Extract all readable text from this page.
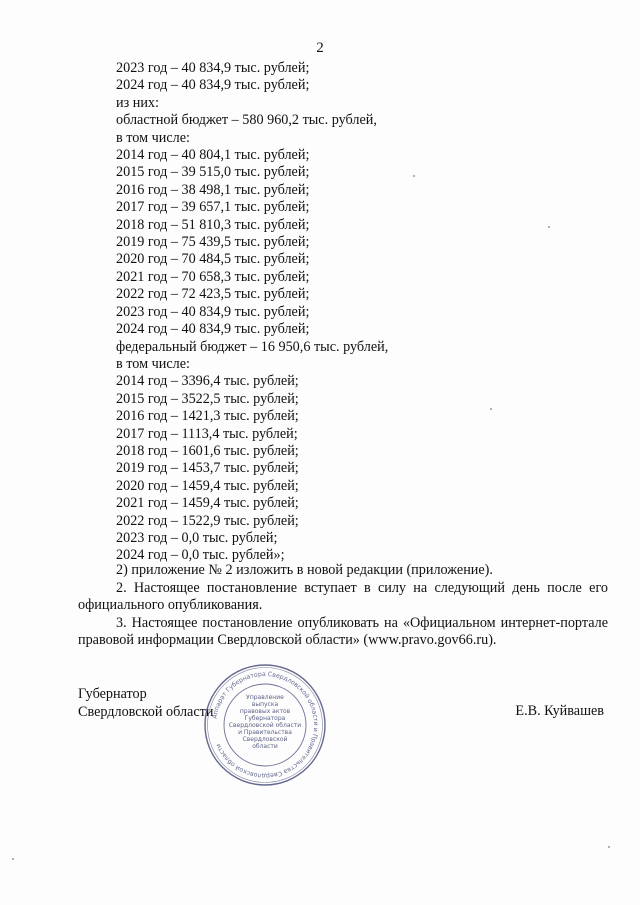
2
2023 год – 40 834,9 тыс. рублей;
2024 год – 40 834,9 тыс. рублей;
из них:
областной бюджет – 580 960,2 тыс. рублей,
в том числе:
2014 год – 40 804,1 тыс. рублей;
2015 год – 39 515,0 тыс. рублей;
2016 год – 38 498,1 тыс. рублей;
2017 год – 39 657,1 тыс. рублей;
2018 год – 51 810,3 тыс. рублей;
2019 год – 75 439,5 тыс. рублей;
2020 год – 70 484,5 тыс. рублей;
2021 год – 70 658,3 тыс. рублей;
2022 год – 72 423,5 тыс. рублей;
2023 год – 40 834,9 тыс. рублей;
2024 год – 40 834,9 тыс. рублей;
федеральный бюджет – 16 950,6 тыс. рублей,
в том числе:
2014 год – 3396,4 тыс. рублей;
2015 год – 3522,5 тыс. рублей;
2016 год – 1421,3 тыс. рублей;
2017 год – 1113,4 тыс. рублей;
2018 год – 1601,6 тыс. рублей;
2019 год – 1453,7 тыс. рублей;
2020 год – 1459,4 тыс. рублей;
2021 год – 1459,4 тыс. рублей;
2022 год – 1522,9 тыс. рублей;
2023 год – 0,0 тыс. рублей;
2024 год – 0,0 тыс. рублей»;

2) приложение № 2 изложить в новой редакции (приложение).

2. Настоящее постановление вступает в силу на следующий день после его официального опубликования.

3. Настоящее постановление опубликовать на «Официальном интернет-портале правовой информации Свердловской области» (www.pravo.gov66.ru).

Губернатор
Свердловской области	Е.В. Куйвашев
Аппарат Губернатора Свердловской области и Правительства Свердловской области
Управление
выпуска
правовых актов
Губернатора
Свердловской области
и Правительства
Свердловской
области
